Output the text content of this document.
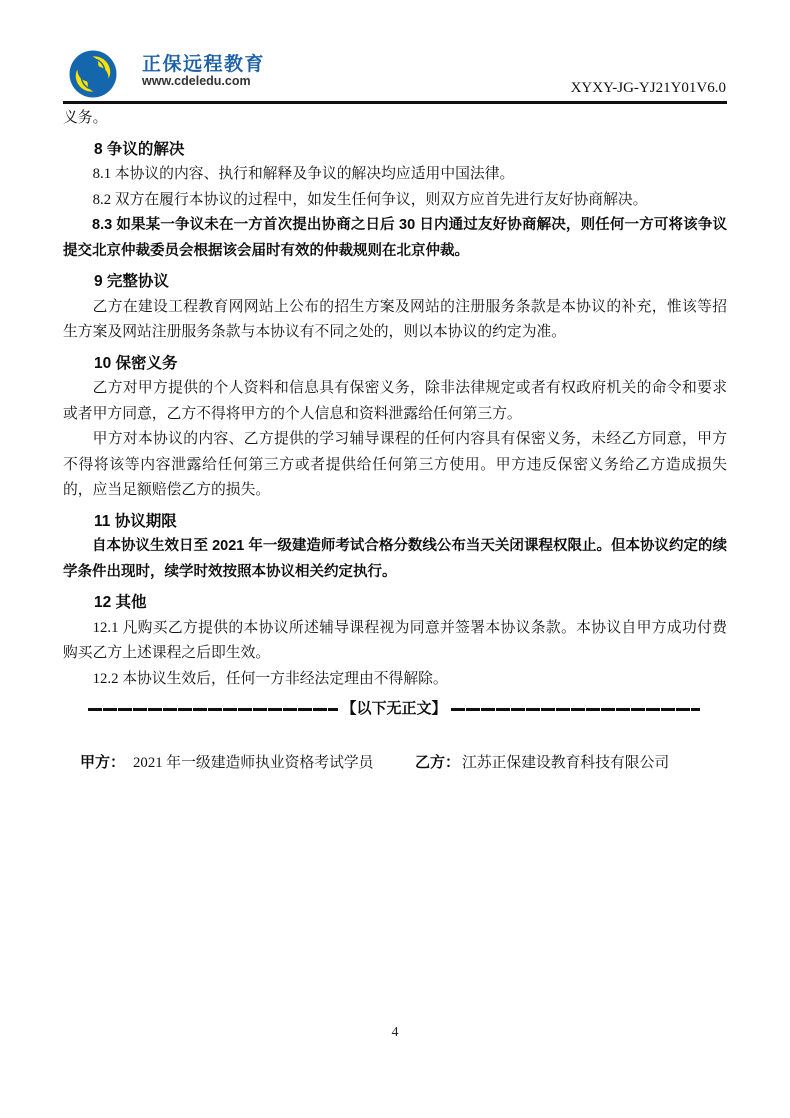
正保远程教育
www.cdeledu.com	XYXY-JG-YJ21Y01V6.0

义务。

8 争议的解决

8.1 本协议的内容、执行和解释及争议的解决均应适用中国法律。

8.2 双方在履行本协议的过程中，如发生任何争议，则双方应首先进行友好协商解决。

8.3 如果某一争议未在一方首次提出协商之日后 30 日内通过友好协商解决，则任何一方可将该争议提交北京仲裁委员会根据该会届时有效的仲裁规则在北京仲裁。

9 完整协议

乙方在建设工程教育网网站上公布的招生方案及网站的注册服务条款是本协议的补充，惟该等招生方案及网站注册服务条款与本协议有不同之处的，则以本协议的约定为准。

10 保密义务

乙方对甲方提供的个人资料和信息具有保密义务，除非法律规定或者有权政府机关的命令和要求或者甲方同意，乙方不得将甲方的个人信息和资料泄露给任何第三方。

甲方对本协议的内容、乙方提供的学习辅导课程的任何内容具有保密义务，未经乙方同意，甲方不得将该等内容泄露给任何第三方或者提供给任何第三方使用。甲方违反保密义务给乙方造成损失的，应当足额赔偿乙方的损失。

11 协议期限

自本协议生效日至 2021 年一级建造师考试合格分数线公布当天关闭课程权限止。但本协议约定的续学条件出现时，续学时效按照本协议相关约定执行。

12 其他

12.1 凡购买乙方提供的本协议所述辅导课程视为同意并签署本协议条款。本协议自甲方成功付费购买乙方上述课程之后即生效。

12.2 本协议生效后，任何一方非经法定理由不得解除。

【以下无正文】
甲方： 2021 年一级建造师执业资格考试学员	乙方： 江苏正保建设教育科技有限公司
4
